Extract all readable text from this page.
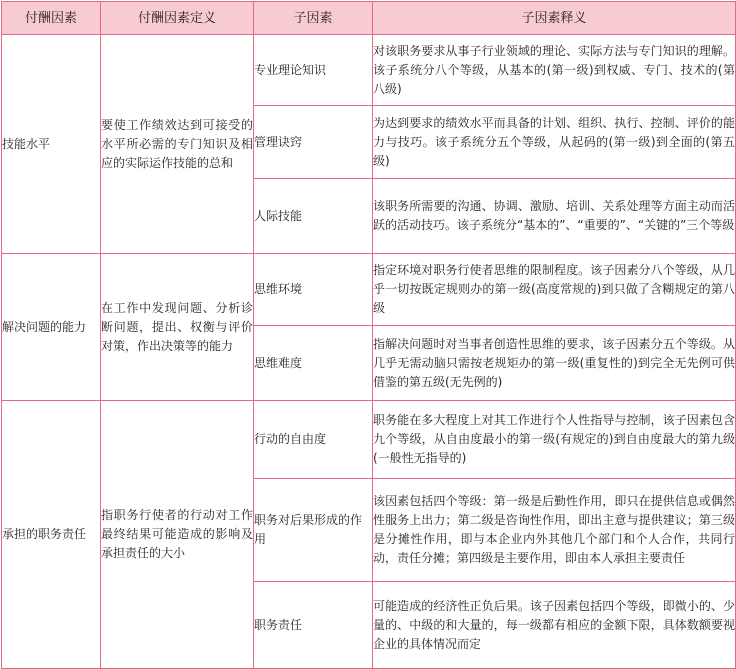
付酬因素	付酬因素定义	子因素	子因素释义
技能水平	要使工作绩效达到可接受的水平所必需的专门知识及相应的实际运作技能的总和	专业理论知识	对该职务要求从事子行业领域的理论、实际方法与专门知识的理解。该子系统分八个等级，从基本的(第一级)到权威、专门、技术的(第八级)
		管理诀窍	为达到要求的绩效水平而具备的计划、组织、执行、控制、评价的能力与技巧。该子系统分五个等级，从起码的(第一级)到全面的(第五级)
		人际技能	该职务所需要的沟通、协调、激励、培训、关系处理等方面主动而活跃的活动技巧。该子系统分“基本的”、“重要的”、“关键的”三个等级
解决问题的能力	在工作中发现问题、分析诊断问题，提出、权衡与评价对策，作出决策等的能力	思维环境	指定环境对职务行使者思维的限制程度。该子因素分八个等级，从几乎一切按既定规则办的第一级(高度常规的)到只做了含糊规定的第八级
		思维难度	指解决问题时对当事者创造性思维的要求，该子因素分五个等级。从几乎无需动脑只需按老规矩办的第一级(重复性的)到完全无先例可供借鉴的第五级(无先例的)
承担的职务责任	指职务行使者的行动对工作最终结果可能造成的影响及承担责任的大小	行动的自由度	职务能在多大程度上对其工作进行个人性指导与控制，该子因素包含九个等级，从自由度最小的第一级(有规定的)到自由度最大的第九级(一般性无指导的)
		职务对后果形成的作用	该因素包括四个等级：第一级是后勤性作用，即只在提供信息或偶然性服务上出力；第二级是咨询性作用，即出主意与提供建议；第三级是分摊性作用，即与本企业内外其他几个部门和个人合作，共同行动，责任分摊；第四级是主要作用，即由本人承担主要责任
		职务责任	可能造成的经济性正负后果。该子因素包括四个等级，即微小的、少量的、中级的和大量的，每一级都有相应的金额下限，具体数额要视企业的具体情况而定
